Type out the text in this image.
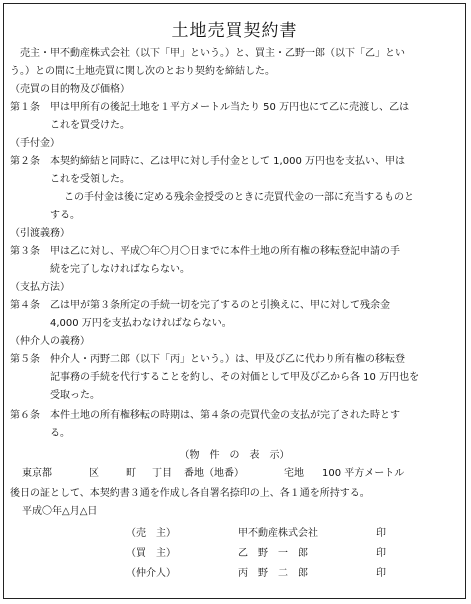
土地売買契約書
売主・甲不動産株式会社（以下「甲」という。）と、買主・乙野一郎（以下「乙」とい
う。）との間に土地売買に関し次のとおり契約を締結した。
（売買の目的物及び価格）
第１条 甲は甲所有の後記土地を１平方メートル当たり 50 万円也にて乙に売渡し、乙は
これを買受けた。
（手付金）
第２条 本契約締結と同時に、乙は甲に対し手付金として 1,000 万円也を支払い、甲は
これを受領した。
この手付金は後に定める残余金授受のときに売買代金の一部に充当するものと
する。
（引渡義務）
第３条 甲は乙に対し、平成〇年〇月〇日までに本件土地の所有権の移転登記申請の手
続を完了しなければならない。
（支払方法）
第４条 乙は甲が第３条所定の手続一切を完了するのと引換えに、甲に対して残余金
4,000 万円を支払わなければならない。
（仲介人の義務）
第５条 仲介人・丙野二郎（以下「丙」という。）は、甲及び乙に代わり所有権の移転登
記事務の手続を代行することを約し、その対価として甲及び乙から各 10 万円也を
受取った。
第６条 本件土地の所有権移転の時期は、第４条の売買代金の支払が完了された時とす
る。
（物　件　の　表　示）
東京都	区	町 丁目 番地（地番）	宅地 100 平方メートル
後日の証として、本契約書３通を作成し各自署名捺印の上、各１通を所持する。
平成〇年△月△日
（売　主）	甲不動産株式会社	印
（買　主）	乙　野　一　郎	印
（仲介人）	丙　野　二　郎	印
